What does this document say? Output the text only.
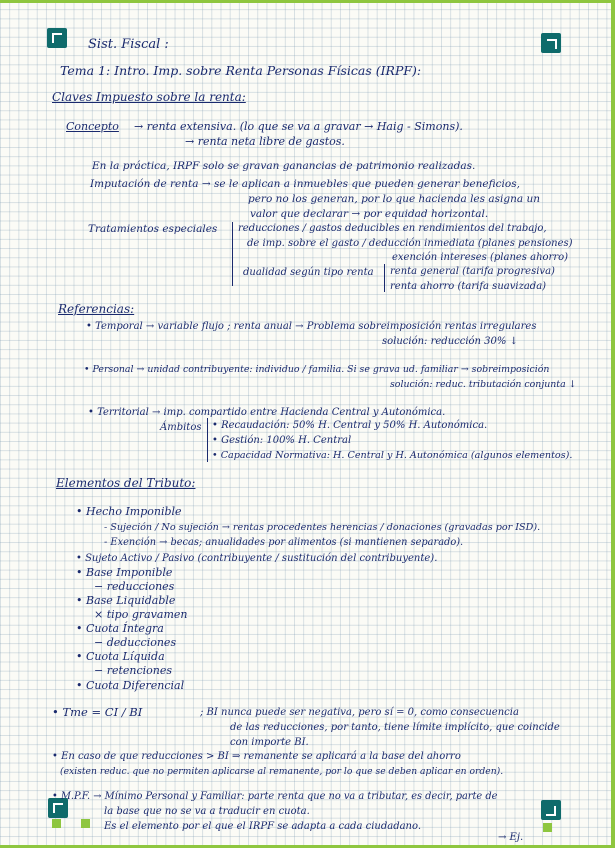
Sist. Fiscal :
Tema 1: Intro. Imp. sobre Renta Personas Físicas (IRPF):
Claves Impuesto sobre la renta:
Concepto → renta extensiva. (lo que se va a gravar → Haig - Simons).
→ renta neta libre de gastos.
En la práctica, IRPF solo se gravan ganancias de patrimonio realizadas.
Imputación de renta → se le aplican a inmuebles que pueden generar beneficios,
pero no los generan, por lo que hacienda les asigna un
valor que declarar → por equidad horizontal.
Tratamientos especiales reducciones / gastos deducibles en rendimientos del trabajo,
de imp. sobre el gasto / deducción inmediata (planes pensiones)
exención intereses (planes ahorro)
dualidad según tipo renta renta general (tarifa progresiva)
renta ahorro (tarifa suavizada)
Referencias:
• Temporal → variable flujo ; renta anual → Problema sobreimposición rentas irregulares
solución: reducción 30% ↓
• Personal → unidad contribuyente: individuo / familia. Si se grava ud. familiar → sobreimposición
solución: reduc. tributación conjunta ↓
• Territorial → imp. compartido entre Hacienda Central y Autonómica.
Ámbitos • Recaudación: 50% H. Central y 50% H. Autonómica.
• Gestión: 100% H. Central
• Capacidad Normativa: H. Central y H. Autonómica (algunos elementos).
Elementos del Tributo:
• Hecho Imponible
- Sujeción / No sujeción → rentas procedentes herencias / donaciones (gravadas por ISD).
- Exención → becas; anualidades por alimentos (si mantienen separado).
• Sujeto Activo / Pasivo (contribuyente / sustitución del contribuyente).
• Base Imponible
− reducciones
• Base Liquidable
× tipo gravamen
• Cuota Íntegra
− deducciones
• Cuota Líquida
− retenciones
• Cuota Diferencial
• Tme = CI / BI	; BI nunca puede ser negativa, pero sí = 0, como consecuencia
de las reducciones, por tanto, tiene límite implícito, que coincide
con importe BI.
• En caso de que reducciones > BI ⇒ remanente se aplicará a la base del ahorro
(existen reduc. que no permiten aplicarse al remanente, por lo que se deben aplicar en orden).
• M.P.F. → Mínimo Personal y Familiar: parte renta que no va a tributar, es decir, parte de
la base que no se va a traducir en cuota.
Es el elemento por el que el IRPF se adapta a cada ciudadano.
→ Ej.
